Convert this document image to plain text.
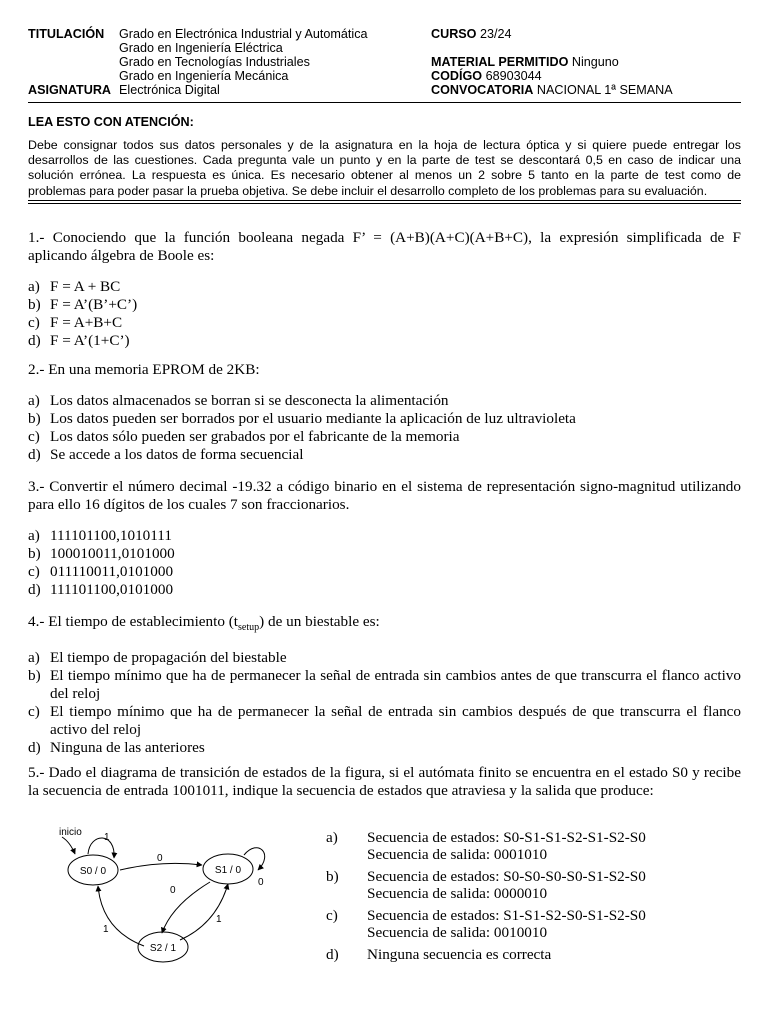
TITULACIÓN Grado en Electrónica Industrial y Automática
Grado en Ingeniería Eléctrica
Grado en Tecnologías Industriales
Grado en Ingeniería Mecánica
ASIGNATURA Electrónica Digital
CURSO 23/24
MATERIAL PERMITIDO Ninguno
CODÍGO 68903044
CONVOCATORIA NACIONAL 1ª SEMANA
LEA ESTO CON ATENCIÓN:

Debe consignar todos sus datos personales y de la asignatura en la hoja de lectura óptica y si quiere puede entregar los desarrollos de las cuestiones. Cada pregunta vale un punto y en la parte de test se descontará 0,5 en caso de indicar una solución errónea. La respuesta es única. Es necesario obtener al menos un 2 sobre 5 tanto en la parte de test como de problemas para poder pasar la prueba objetiva. Se debe incluir el desarrollo completo de los problemas para su evaluación.

1.- Conociendo que la función booleana negada F’ = (A+B)(A+C)(A+B+C), la expresión simplificada de F aplicando álgebra de Boole es:

a) F = A + BC
b) F = A’(B’+C’)
c) F = A+B+C
d) F = A’(1+C’)

2.- En una memoria EPROM de 2KB:

a) Los datos almacenados se borran si se desconecta la alimentación
b) Los datos pueden ser borrados por el usuario mediante la aplicación de luz ultravioleta
c) Los datos sólo pueden ser grabados por el fabricante de la memoria
d) Se accede a los datos de forma secuencial

3.- Convertir el número decimal -19.32 a código binario en el sistema de representación signo-magnitud utilizando para ello 16 dígitos de los cuales 7 son fraccionarios.

a) 111101100,1010111
b) 100010011,0101000
c) 011110011,0101000
d) 111101100,0101000

4.- El tiempo de establecimiento $(t_{setup})$ de un biestable es:

a) El tiempo de propagación del biestable
b) El tiempo mínimo que ha de permanecer la señal de entrada sin cambios antes de que transcurra el flanco activo del reloj
c) El tiempo mínimo que ha de permanecer la señal de entrada sin cambios después de que transcurra el flanco activo del reloj
d) Ninguna de las anteriores

5.- Dado el diagrama de transición de estados de la figura, si el autómata finito se encuentra en el estado S0 y recibe la secuencia de entrada 1001011, indique la secuencia de estados que atraviesa y la salida que produce:

inicio 1
0
0
0
1
1
S0 / 0	S1 / 0
S2 / 1
a)	Secuencia de estados: S0-S1-S1-S2-S1-S2-S0
Secuencia de salida: 0001010
b)	Secuencia de estados: S0-S0-S0-S0-S1-S2-S0
Secuencia de salida: 0000010
c)	Secuencia de estados: S1-S1-S2-S0-S1-S2-S0
Secuencia de salida: 0010010
d)	Ninguna secuencia es correcta
